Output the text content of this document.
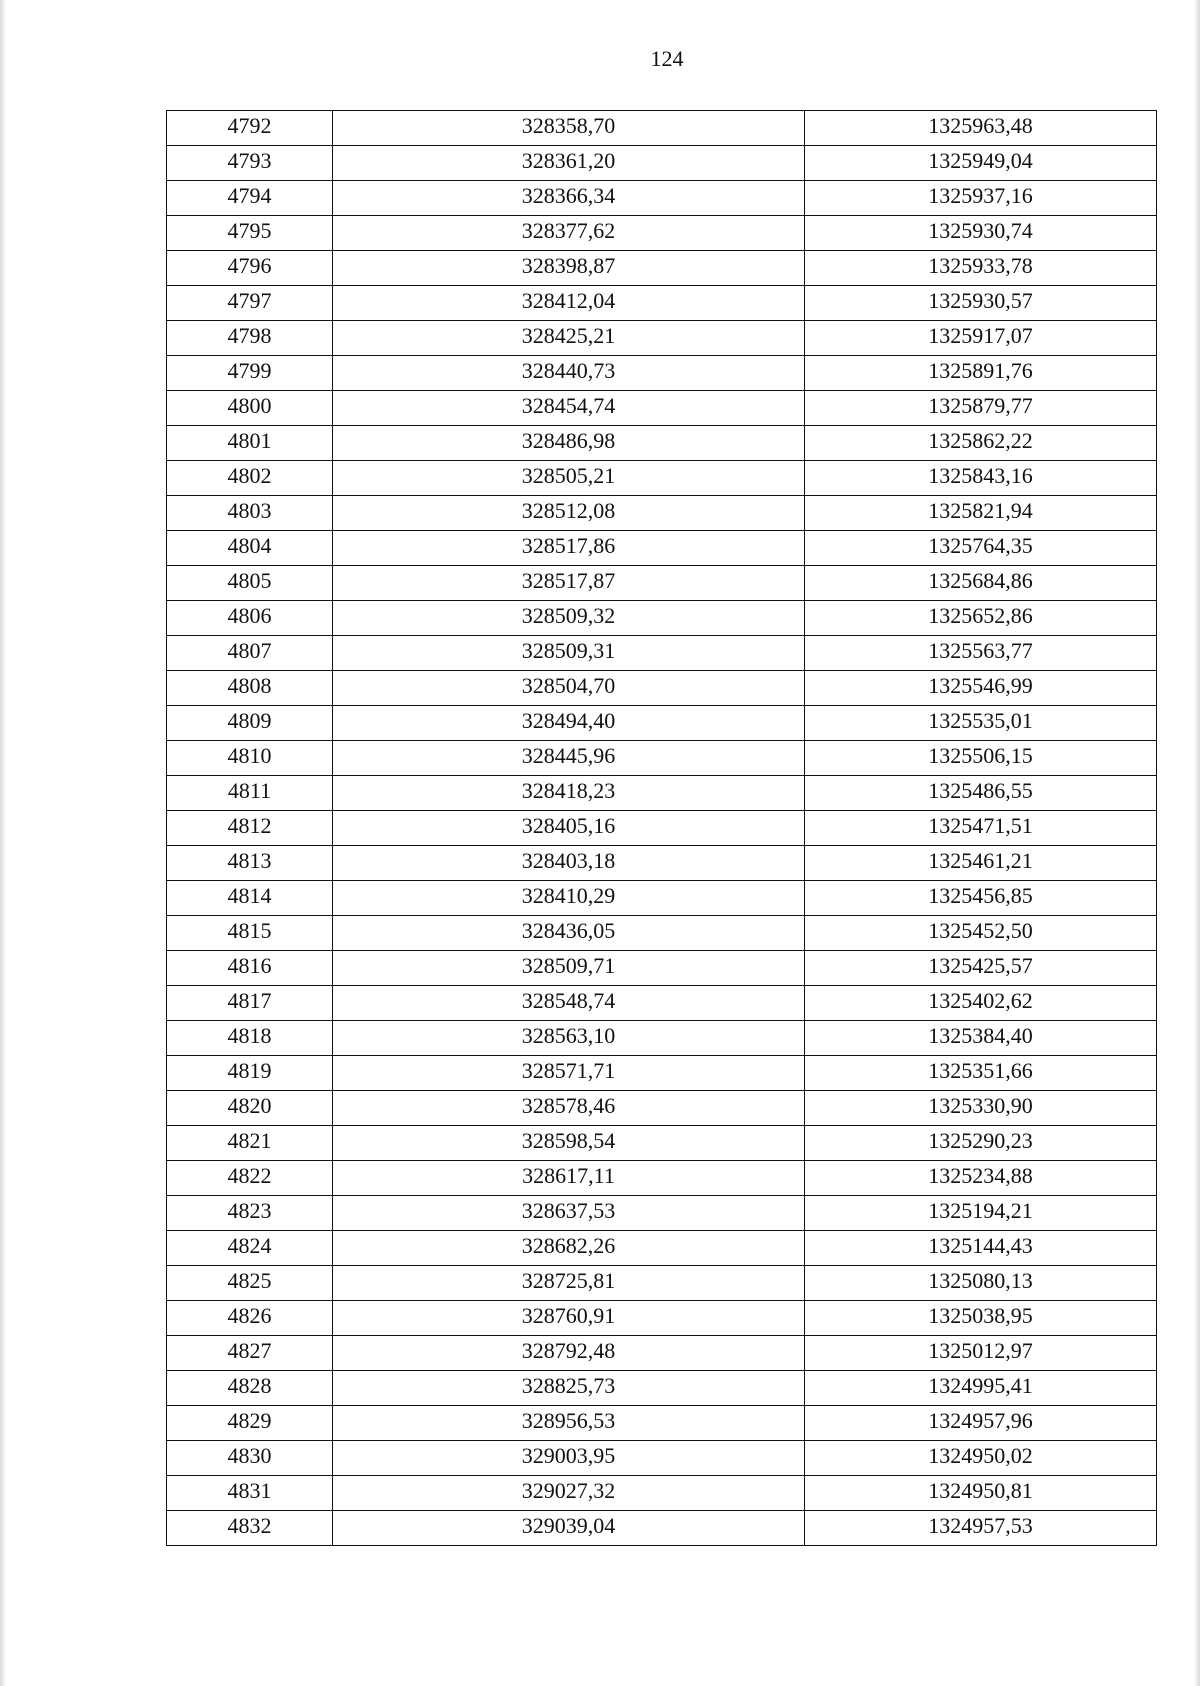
124
4792	328358,70	1325963,48
4793	328361,20	1325949,04
4794	328366,34	1325937,16
4795	328377,62	1325930,74
4796	328398,87	1325933,78
4797	328412,04	1325930,57
4798	328425,21	1325917,07
4799	328440,73	1325891,76
4800	328454,74	1325879,77
4801	328486,98	1325862,22
4802	328505,21	1325843,16
4803	328512,08	1325821,94
4804	328517,86	1325764,35
4805	328517,87	1325684,86
4806	328509,32	1325652,86
4807	328509,31	1325563,77
4808	328504,70	1325546,99
4809	328494,40	1325535,01
4810	328445,96	1325506,15
4811	328418,23	1325486,55
4812	328405,16	1325471,51
4813	328403,18	1325461,21
4814	328410,29	1325456,85
4815	328436,05	1325452,50
4816	328509,71	1325425,57
4817	328548,74	1325402,62
4818	328563,10	1325384,40
4819	328571,71	1325351,66
4820	328578,46	1325330,90
4821	328598,54	1325290,23
4822	328617,11	1325234,88
4823	328637,53	1325194,21
4824	328682,26	1325144,43
4825	328725,81	1325080,13
4826	328760,91	1325038,95
4827	328792,48	1325012,97
4828	328825,73	1324995,41
4829	328956,53	1324957,96
4830	329003,95	1324950,02
4831	329027,32	1324950,81
4832	329039,04	1324957,53
